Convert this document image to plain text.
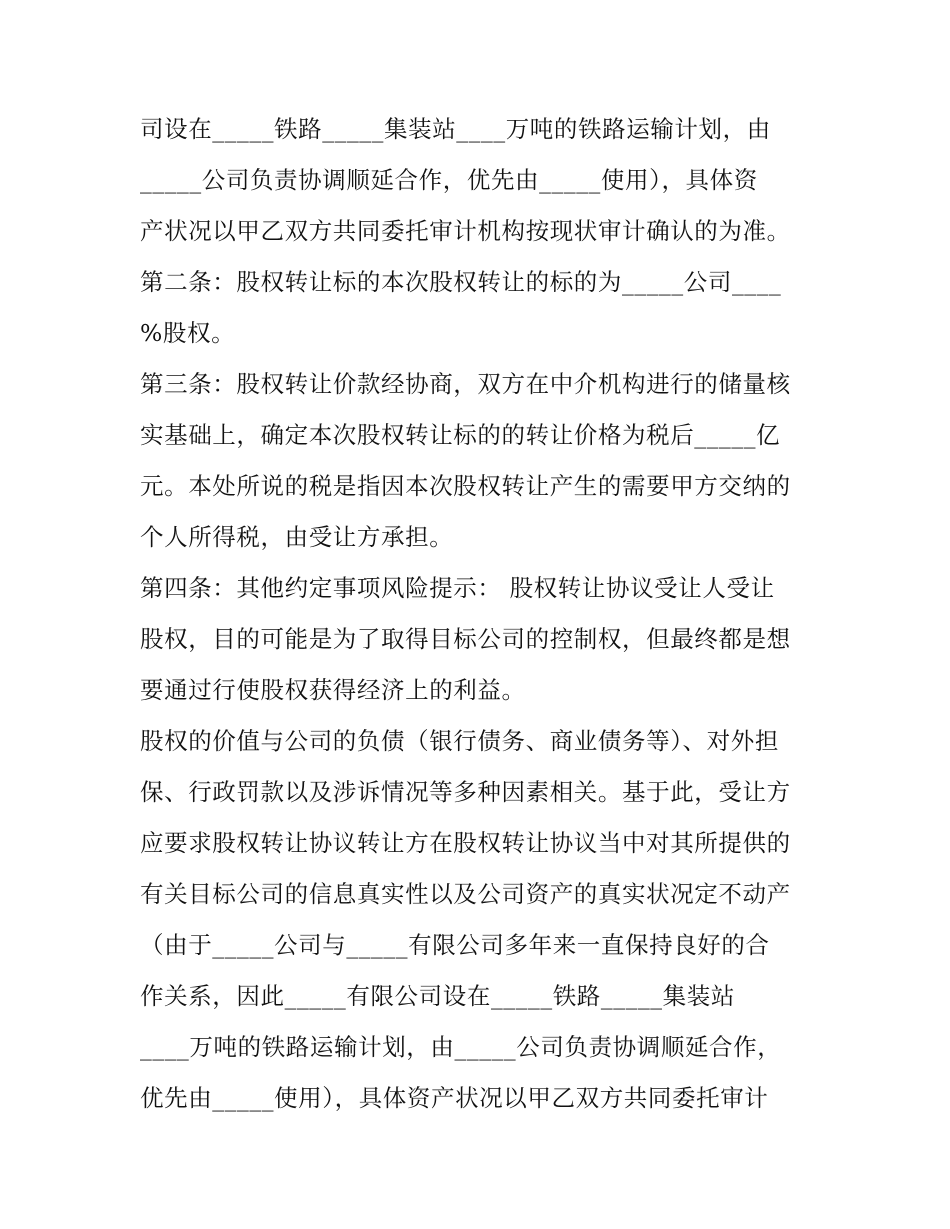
司设在_____铁路_____集装站____万吨的铁路运输计划，由
_____公司负责协调顺延合作，优先由_____使用），具体资
产状况以甲乙双方共同委托审计机构按现状审计确认的为准。
第二条：股权转让标的本次股权转让的标的为_____公司____
%股权。
第三条：股权转让价款经协商，双方在中介机构进行的储量核
实基础上，确定本次股权转让标的的转让价格为税后_____亿
元。本处所说的税是指因本次股权转让产生的需要甲方交纳的
个人所得税，由受让方承担。
第四条：其他约定事项风险提示： 股权转让协议受让人受让
股权，目的可能是为了取得目标公司的控制权，但最终都是想
要通过行使股权获得经济上的利益。
股权的价值与公司的负债（银行债务、商业债务等）、对外担
保、行政罚款以及涉诉情况等多种因素相关。基于此，受让方
应要求股权转让协议转让方在股权转让协议当中对其所提供的
有关目标公司的信息真实性以及公司资产的真实状况定不动产
（由于_____公司与_____有限公司多年来一直保持良好的合
作关系，因此_____有限公司设在_____铁路_____集装站
____万吨的铁路运输计划，由_____公司负责协调顺延合作，
优先由_____使用），具体资产状况以甲乙双方共同委托审计
